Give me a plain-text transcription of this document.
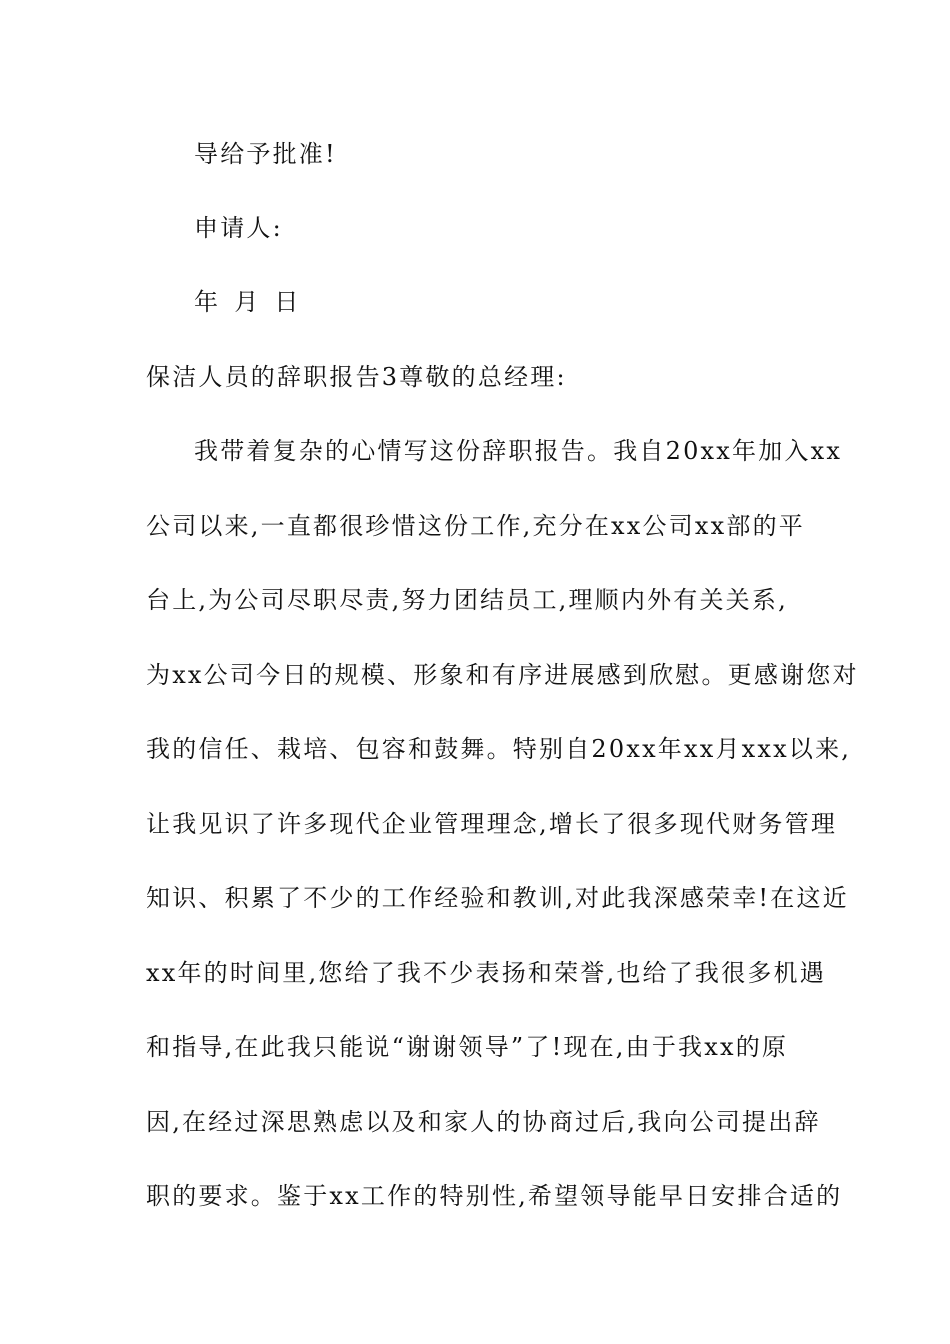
导给予批准!
申请人:
年 月 日
保洁人员的辞职报告3尊敬的总经理:
我带着复杂的心情写这份辞职报告。我自20xx年加入xx
公司以来,一直都很珍惜这份工作,充分在xx公司xx部的平
台上,为公司尽职尽责,努力团结员工,理顺内外有关关系,
为xx公司今日的规模、形象和有序进展感到欣慰。更感谢您对
我的信任、栽培、包容和鼓舞。特别自20xx年xx月xxx以来,
让我见识了许多现代企业管理理念,增长了很多现代财务管理
知识、积累了不少的工作经验和教训,对此我深感荣幸!在这近
xx年的时间里,您给了我不少表扬和荣誉,也给了我很多机遇
和指导,在此我只能说“谢谢领导”了!现在,由于我xx的原
因,在经过深思熟虑以及和家人的协商过后,我向公司提出辞
职的要求。鉴于xx工作的特别性,希望领导能早日安排合适的
